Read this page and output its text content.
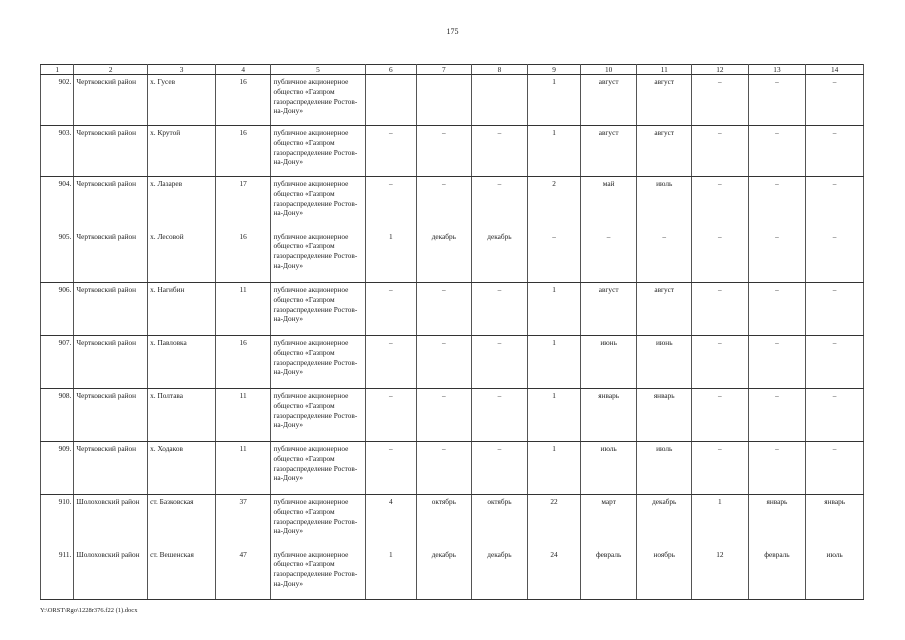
175
1	2	3	4	5	6	7	8	9	10	11	12	13	14
902.	Чертковский район	х. Гусев	16	публичное акционерное общество «Газпром газораспределение Ростов-на-Дону»				1	август	август	–	–	–
903.	Чертковский район	х. Крутой	16	публичное акционерное общество «Газпром газораспределение Ростов-на-Дону»	–	–	–	1	август	август	–	–	–
904.	Чертковский район	х. Лазарев	17	публичное акционерное общество «Газпром газораспределение Ростов-на-Дону»	–	–	–	2	май	июль	–	–	–
905.	Чертковский район	х. Лесовой	16	публичное акционерное общество «Газпром газораспределение Ростов-на-Дону»	1	декабрь	декабрь	–	–	–	–	–	–
906.	Чертковский район	х. Нагибин	11	публичное акционерное общество «Газпром газораспределение Ростов-на-Дону»	–	–	–	1	август	август	–	–	–
907.	Чертковский район	х. Павловка	16	публичное акционерное общество «Газпром газораспределение Ростов-на-Дону»	–	–	–	1	июнь	июнь	–	–	–
908.	Чертковский район	х. Полтава	11	публичное акционерное общество «Газпром газораспределение Ростов-на-Дону»	–	–	–	1	январь	январь	–	–	–
909.	Чертковский район	х. Ходаков	11	публичное акционерное общество «Газпром газораспределение Ростов-на-Дону»	–	–	–	1	июль	июль	–	–	–
910.	Шолоховский район	ст. Базковская	37	публичное акционерное общество «Газпром газораспределение Ростов-на-Дону»	4	октябрь	октябрь	22	март	декабрь	1	январь	январь
911.	Шолоховский район	ст. Вешенская	47	публичное акционерное общество «Газпром газораспределение Ростов-на-Дону»	1	декабрь	декабрь	24	февраль	ноябрь	12	февраль	июль
Y:\ORST\Rgo\1228r376.f22 (1).docx
